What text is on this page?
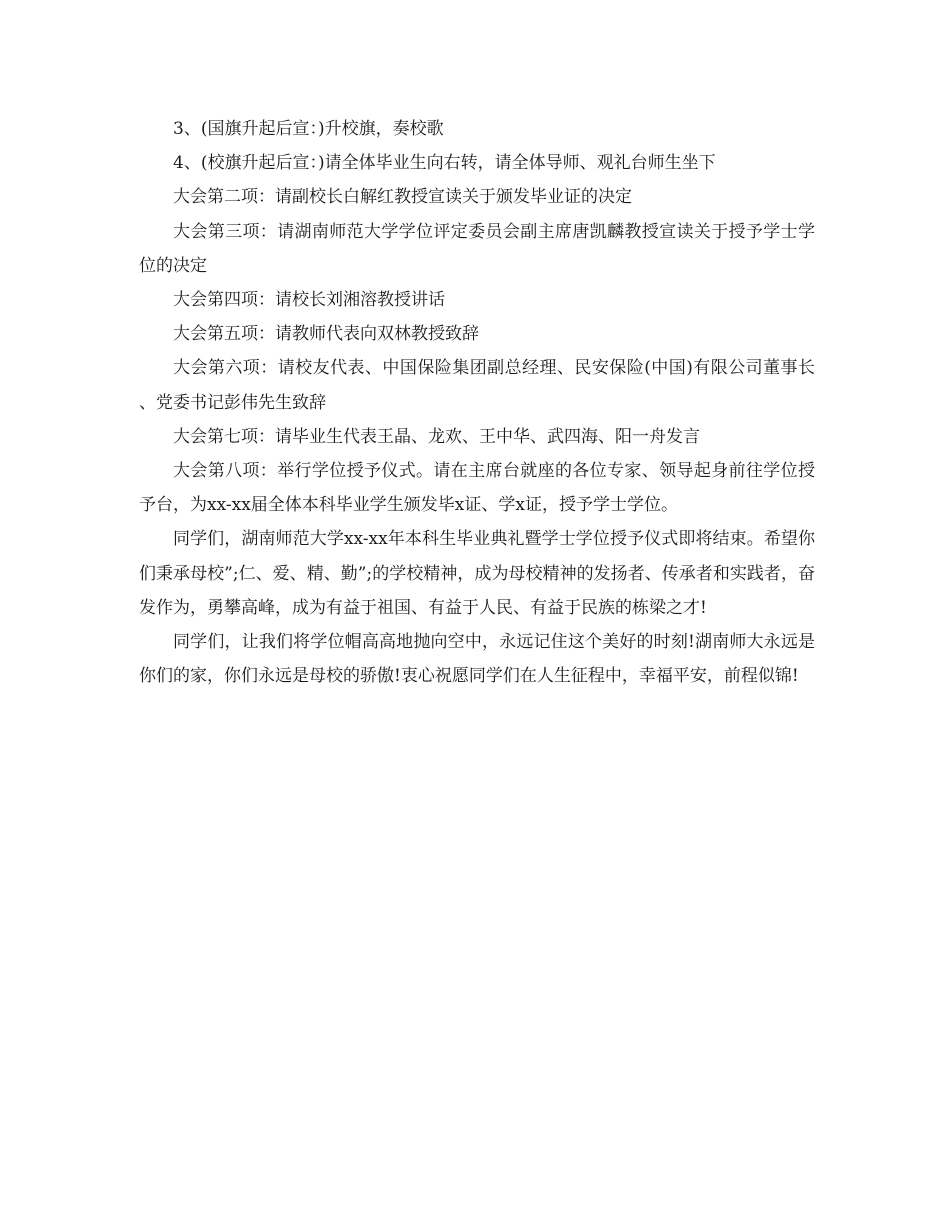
3、(国旗升起后宣：)升校旗，奏校歌

4、(校旗升起后宣：)请全体毕业生向右转，请全体导师、观礼台师生坐下

大会第二项：请副校长白解红教授宣读关于颁发毕业证的决定

大会第三项：请湖南师范大学学位评定委员会副主席唐凯麟教授宣读关于授予学士学位的决定

大会第四项：请校长刘湘溶教授讲话

大会第五项：请教师代表向双林教授致辞

大会第六项：请校友代表、中国保险集团副总经理、民安保险(中国)有限公司董事长、党委书记彭伟先生致辞

大会第七项：请毕业生代表王晶、龙欢、王中华、武四海、阳一舟发言

大会第八项：举行学位授予仪式。请在主席台就座的各位专家、领导起身前往学位授予台，为xx-xx届全体本科毕业学生颁发毕x证、学x证，授予学士学位。

同学们，湖南师范大学xx-xx年本科生毕业典礼暨学士学位授予仪式即将结束。希望你们秉承母校”;仁、爱、精、勤”;的学校精神，成为母校精神的发扬者、传承者和实践者，奋发作为，勇攀高峰，成为有益于祖国、有益于人民、有益于民族的栋梁之才!

同学们，让我们将学位帽高高地抛向空中，永远记住这个美好的时刻!湖南师大永远是你们的家，你们永远是母校的骄傲!衷心祝愿同学们在人生征程中，幸福平安，前程似锦!
